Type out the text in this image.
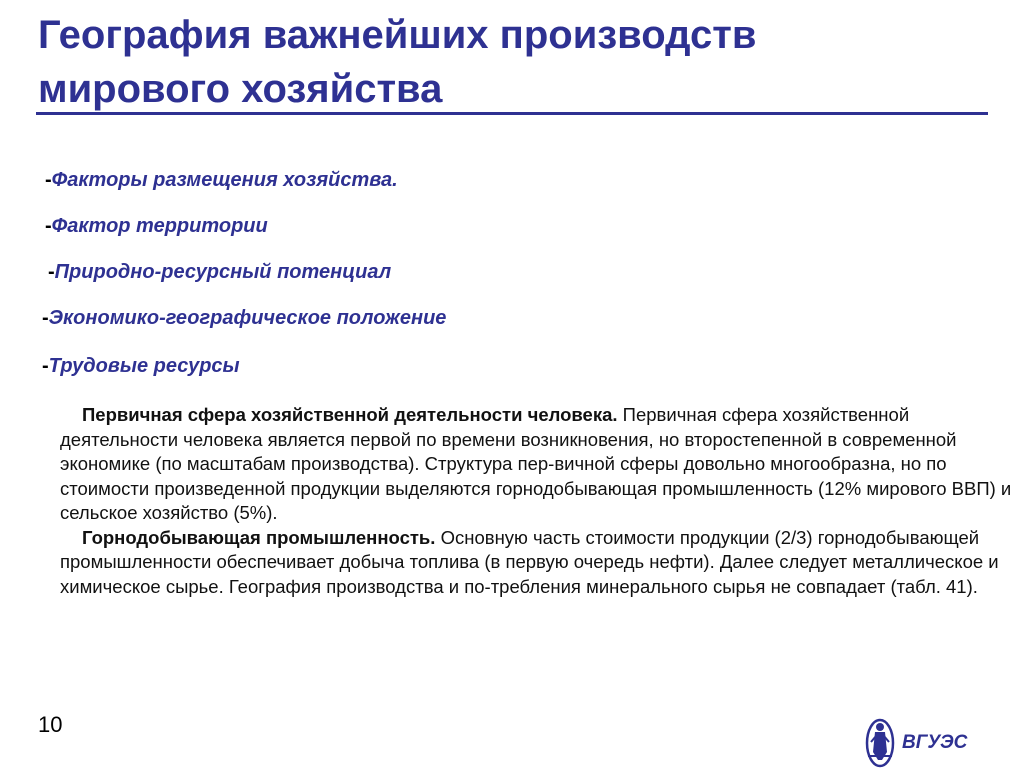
География важнейших производств
мирового хозяйства

-Факторы размещения хозяйства.

-Фактор территории

-Природно-ресурсный потенциал

-Экономико-географическое положение

-Трудовые ресурсы

Первичная сфера хозяйственной деятельности человека. Первичная сфера хозяйственной деятельности человека является первой по времени возникновения, но второстепенной в современной экономике (по масштабам производства). Структура пер-вичной сферы довольно многообразна, но по стоимости произведенной продукции выделяются горнодобывающая промышленность (12% мирового ВВП) и сельское хозяйство (5%).

Горнодобывающая промышленность. Основную часть стоимости продукции (2/3) горнодобывающей промышленности обеспечивает добыча топлива (в первую очередь нефти). Далее следует металлическое и химическое сырье. География производства и по-требления минерального сырья не совпадает (табл. 41).

10
ВГУЭС
